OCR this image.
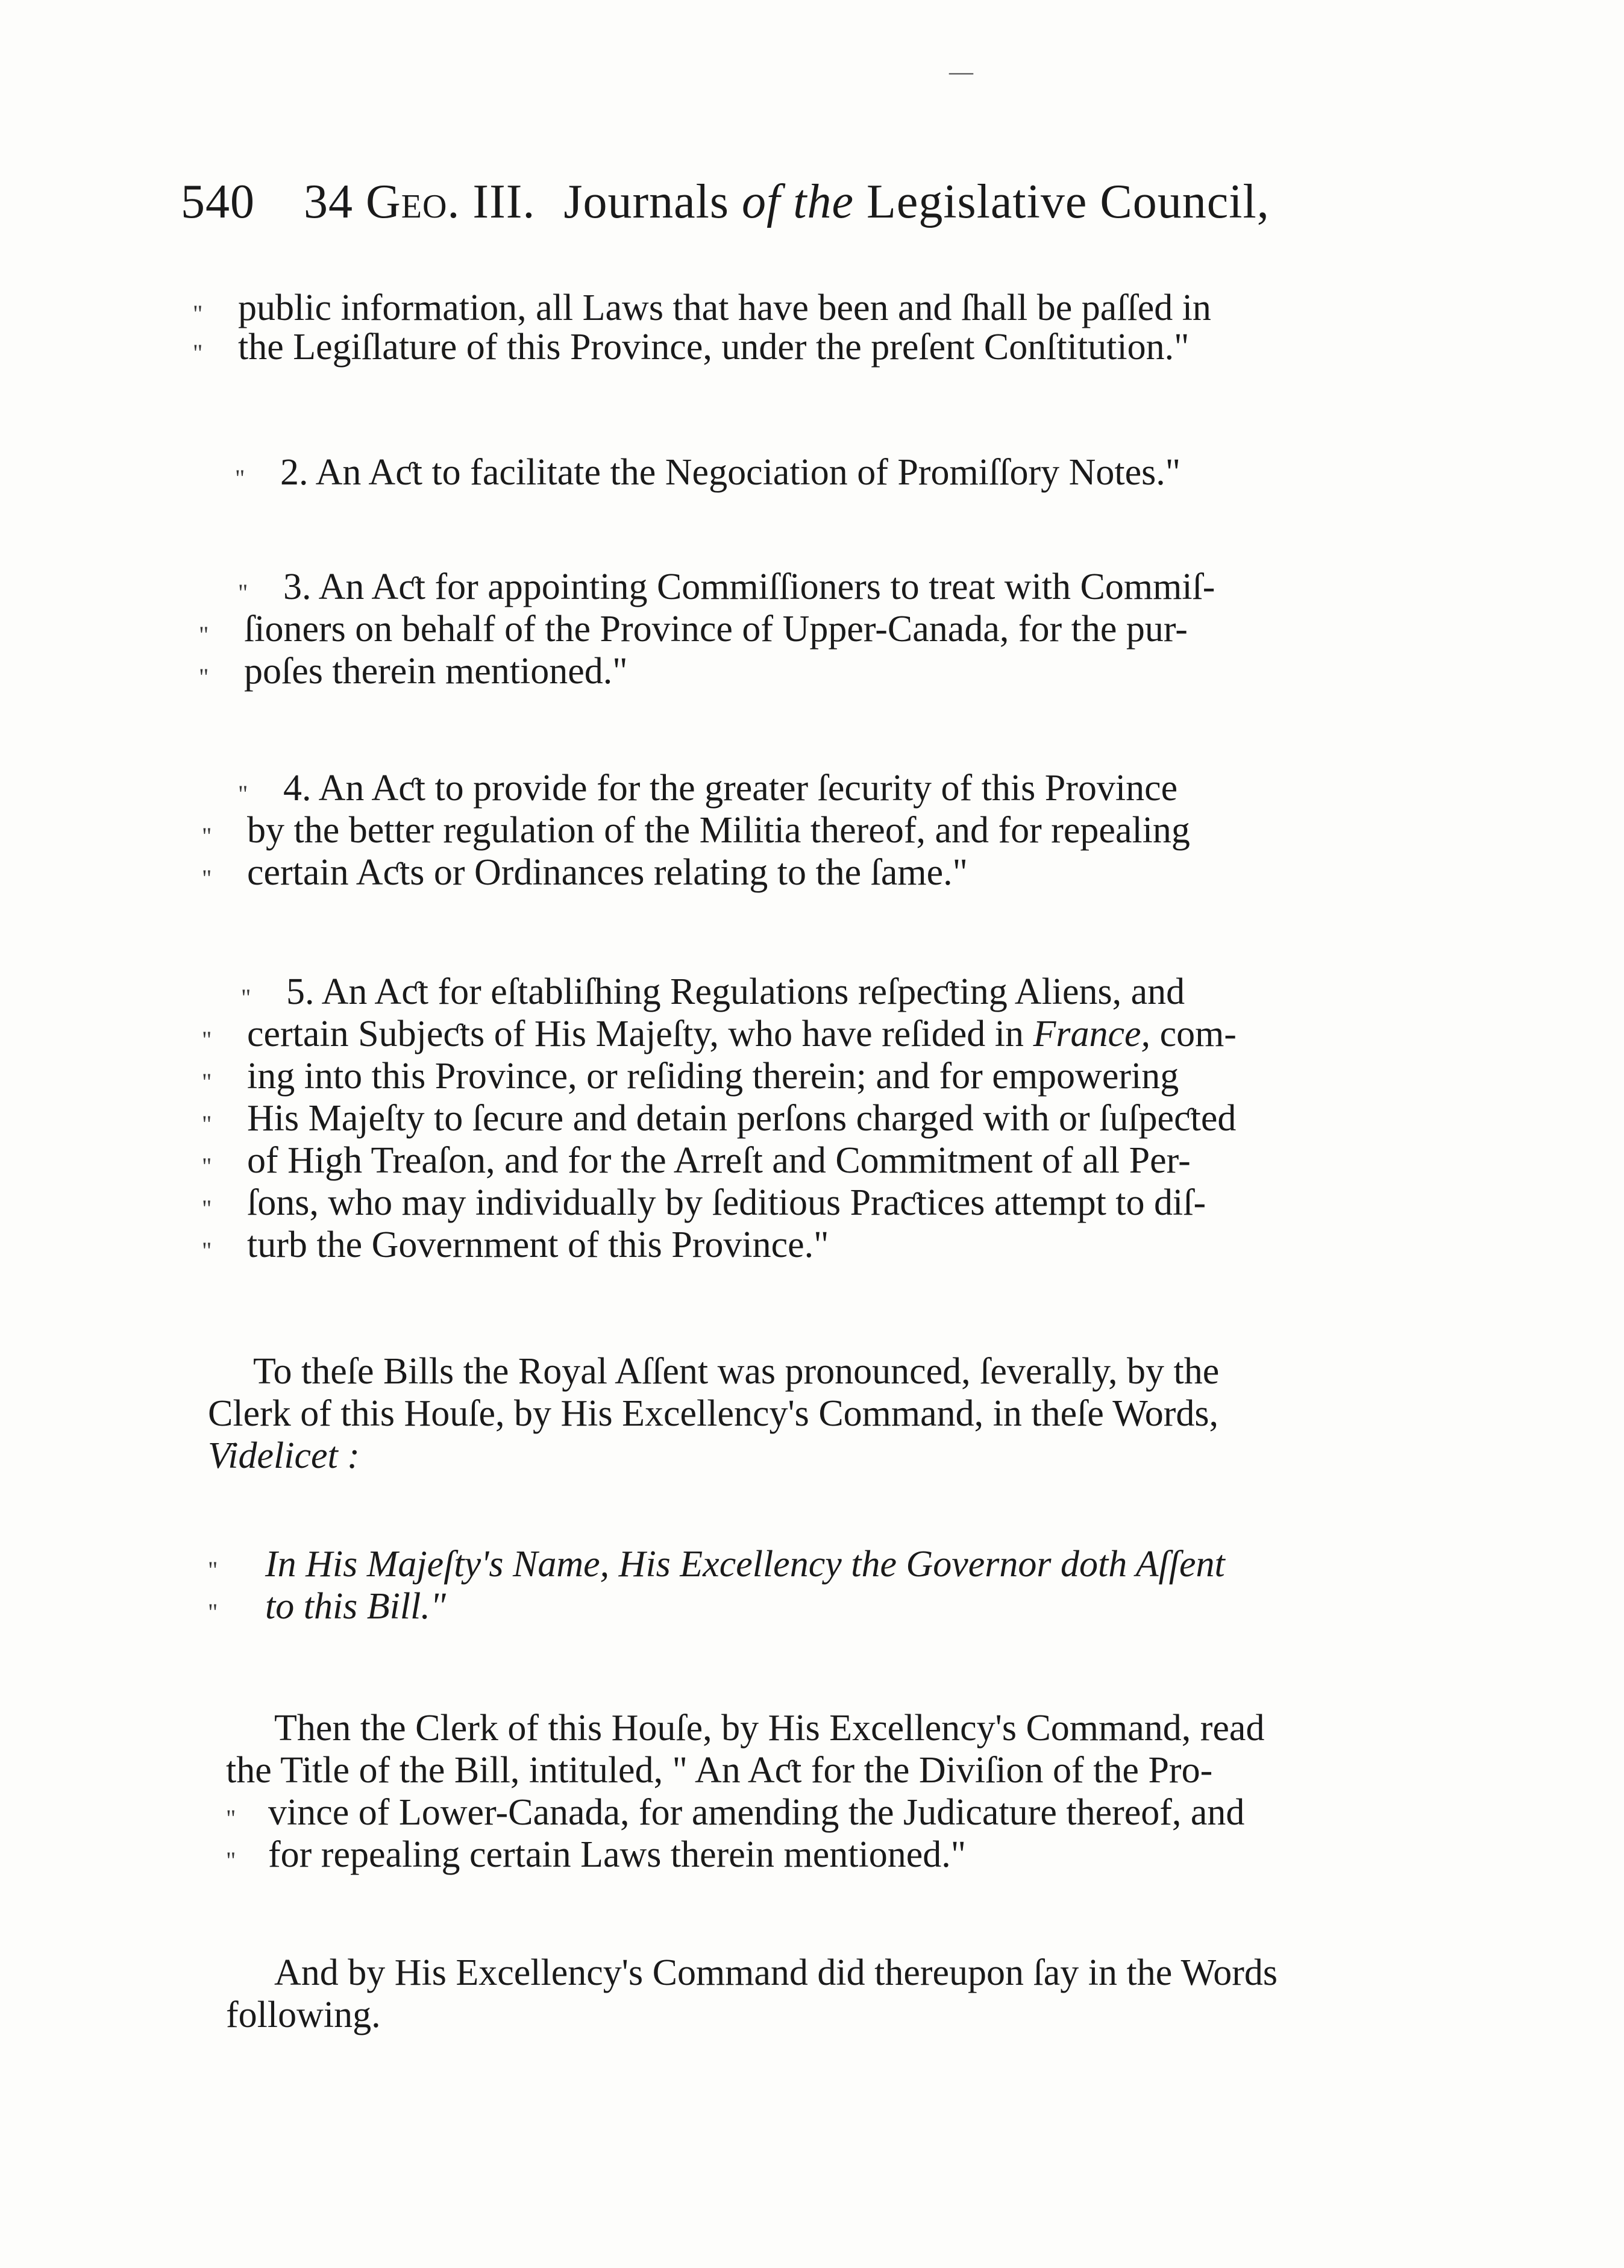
—
540 34 Geo. III. Journals of the Legislative Council,
" public information, all Laws that have been and ſhall be paſſed in
" the Legiſlature of this Province, under the preſent Conſtitution."
" 2. An Aƈt to facilitate the Negociation of Promiſſory Notes."
" 3. An Aƈt for appointing Commiſſioners to treat with Commiſ-
" ſioners on behalf of the Province of Upper-Canada, for the pur-
" poſes therein mentioned."
" 4. An Aƈt to provide for the greater ſecurity of this Province
" by the better regulation of the Militia thereof, and for repealing
" certain Aƈts or Ordinances relating to the ſame."
" 5. An Aƈt for eſtabliſhing Regulations reſpeƈting Aliens, and
" certain Subjeƈts of His Majeſty, who have reſided in France, com-
" ing into this Province, or reſiding therein; and for empowering
" His Majeſty to ſecure and detain perſons charged with or ſuſpeƈted
" of High Treaſon, and for the Arreſt and Commitment of all Per-
" ſons, who may individually by ſeditious Praƈtices attempt to diſ-
" turb the Government of this Province."
To theſe Bills the Royal Aſſent was pronounced, ſeverally, by the
Clerk of this Houſe, by His Excellency's Command, in theſe Words,
Videlicet :
" In His Majeſty's Name, His Excellency the Governor doth Aſſent
" to this Bill."
Then the Clerk of this Houſe, by His Excellency's Command, read
the Title of the Bill, intituled, " An Aƈt for the Diviſion of the Pro-
" vince of Lower-Canada, for amending the Judicature thereof, and
" for repealing certain Laws therein mentioned."
And by His Excellency's Command did thereupon ſay in the Words
following.
